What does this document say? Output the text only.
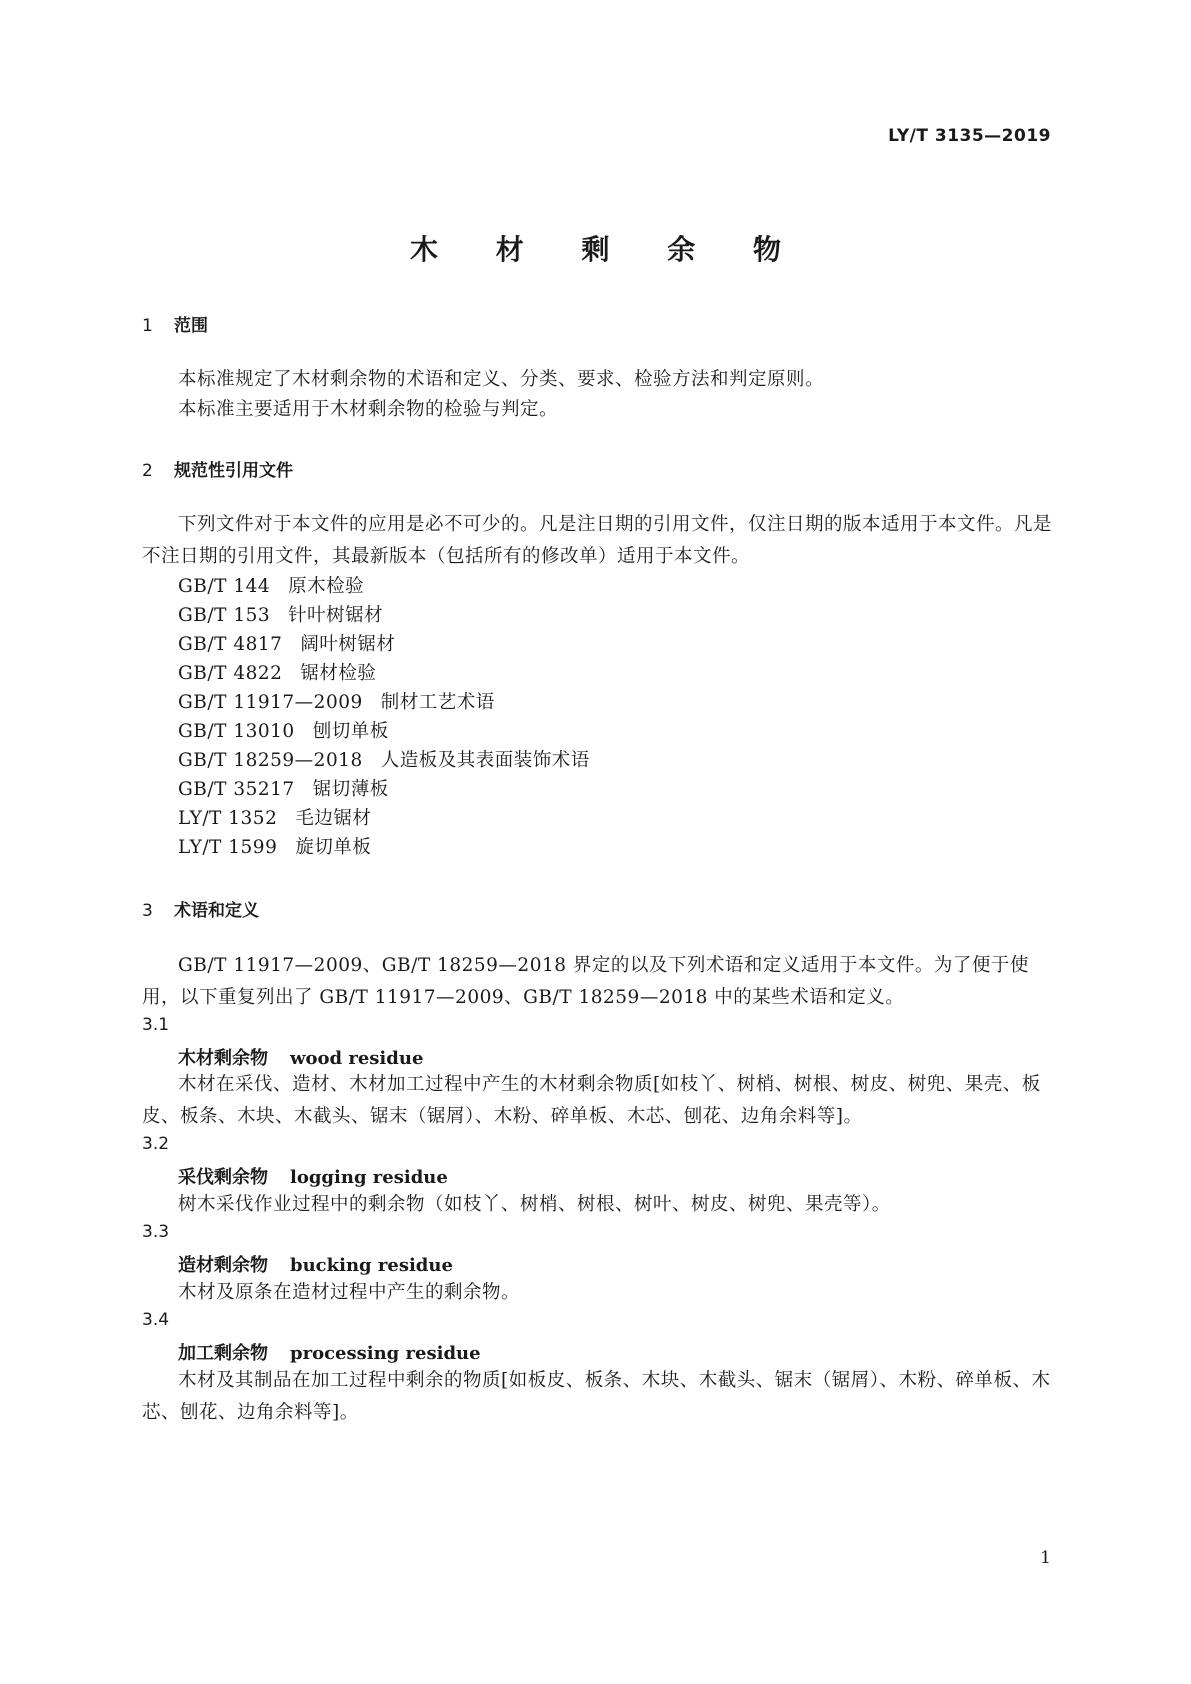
LY/T 3135—2019
木 材 剩 余 物
1 范围
本标准规定了木材剩余物的术语和定义、分类、要求、检验方法和判定原则。
本标准主要适用于木材剩余物的检验与判定。
2 规范性引用文件
下列文件对于本文件的应用是必不可少的。凡是注日期的引用文件，仅注日期的版本适用于本文件。凡是不注日期的引用文件，其最新版本（包括所有的修改单）适用于本文件。
GB/T 144 原木检验
GB/T 153 针叶树锯材
GB/T 4817 阔叶树锯材
GB/T 4822 锯材检验
GB/T 11917—2009 制材工艺术语
GB/T 13010 刨切单板
GB/T 18259—2018 人造板及其表面装饰术语
GB/T 35217 锯切薄板
LY/T 1352 毛边锯材
LY/T 1599 旋切单板
3 术语和定义
GB/T 11917—2009、GB/T 18259—2018 界定的以及下列术语和定义适用于本文件。为了便于使用，以下重复列出了 GB/T 11917—2009、GB/T 18259—2018 中的某些术语和定义。
3.1
木材剩余物 wood residue
木材在采伐、造材、木材加工过程中产生的木材剩余物质[如枝丫、树梢、树根、树皮、树兜、果壳、板皮、板条、木块、木截头、锯末（锯屑）、木粉、碎单板、木芯、刨花、边角余料等]。
3.2
采伐剩余物 logging residue
树木采伐作业过程中的剩余物（如枝丫、树梢、树根、树叶、树皮、树兜、果壳等）。
3.3
造材剩余物 bucking residue
木材及原条在造材过程中产生的剩余物。
3.4
加工剩余物 processing residue
木材及其制品在加工过程中剩余的物质[如板皮、板条、木块、木截头、锯末（锯屑）、木粉、碎单板、木芯、刨花、边角余料等]。
1
